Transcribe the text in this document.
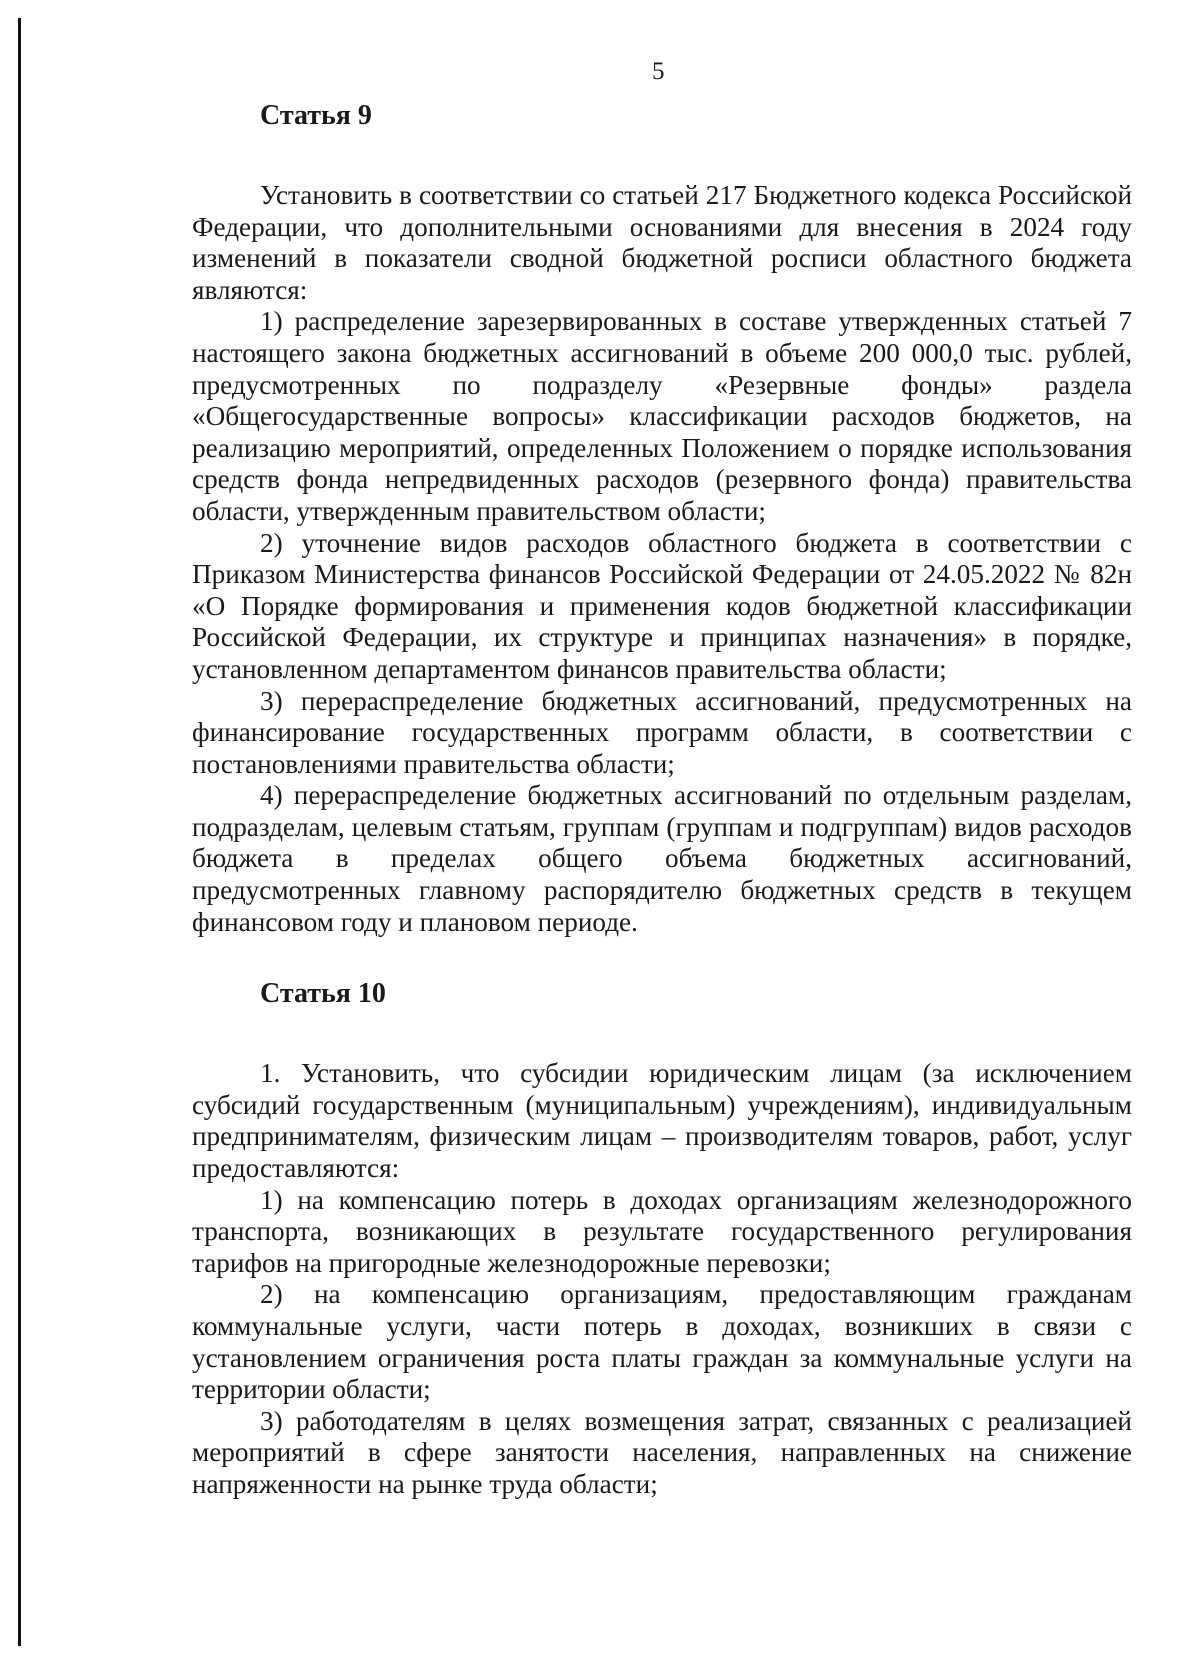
5
Статья 9

Установить в соответствии со статьей 217 Бюджетного кодекса Российской Федерации, что дополнительными основаниями для внесения в 2024 году изменений в показатели сводной бюджетной росписи областного бюджета являются:

1) распределение зарезервированных в составе утвержденных статьей 7 настоящего закона бюджетных ассигнований в объеме 200 000,0 тыс. рублей, предусмотренных по подразделу «Резервные фонды» раздела «Общегосударственные вопросы» классификации расходов бюджетов, на реализацию мероприятий, определенных Положением о порядке использования средств фонда непредвиденных расходов (резервного фонда) правительства области, утвержденным правительством области;

2) уточнение видов расходов областного бюджета в соответствии с Приказом Министерства финансов Российской Федерации от 24.05.2022 № 82н «О Порядке формирования и применения кодов бюджетной классификации Российской Федерации, их структуре и принципах назначения» в порядке, установленном департаментом финансов правительства области;

3) перераспределение бюджетных ассигнований, предусмотренных на финансирование государственных программ области, в соответствии с постановлениями правительства области;

4) перераспределение бюджетных ассигнований по отдельным разделам, подразделам, целевым статьям, группам (группам и подгруппам) видов расходов бюджета в пределах общего объема бюджетных ассигнований, предусмотренных главному распорядителю бюджетных средств в текущем финансовом году и плановом периоде.

Статья 10

1. Установить, что субсидии юридическим лицам (за исключением субсидий государственным (муниципальным) учреждениям), индивидуальным предпринимателям, физическим лицам – производителям товаров, работ, услуг предоставляются:

1) на компенсацию потерь в доходах организациям железнодорожного транспорта, возникающих в результате государственного регулирования тарифов на пригородные железнодорожные перевозки;

2) на компенсацию организациям, предоставляющим гражданам коммунальные услуги, части потерь в доходах, возникших в связи с установлением ограничения роста платы граждан за коммунальные услуги на территории области;

3) работодателям в целях возмещения затрат, связанных с реализацией мероприятий в сфере занятости населения, направленных на снижение напряженности на рынке труда области;
